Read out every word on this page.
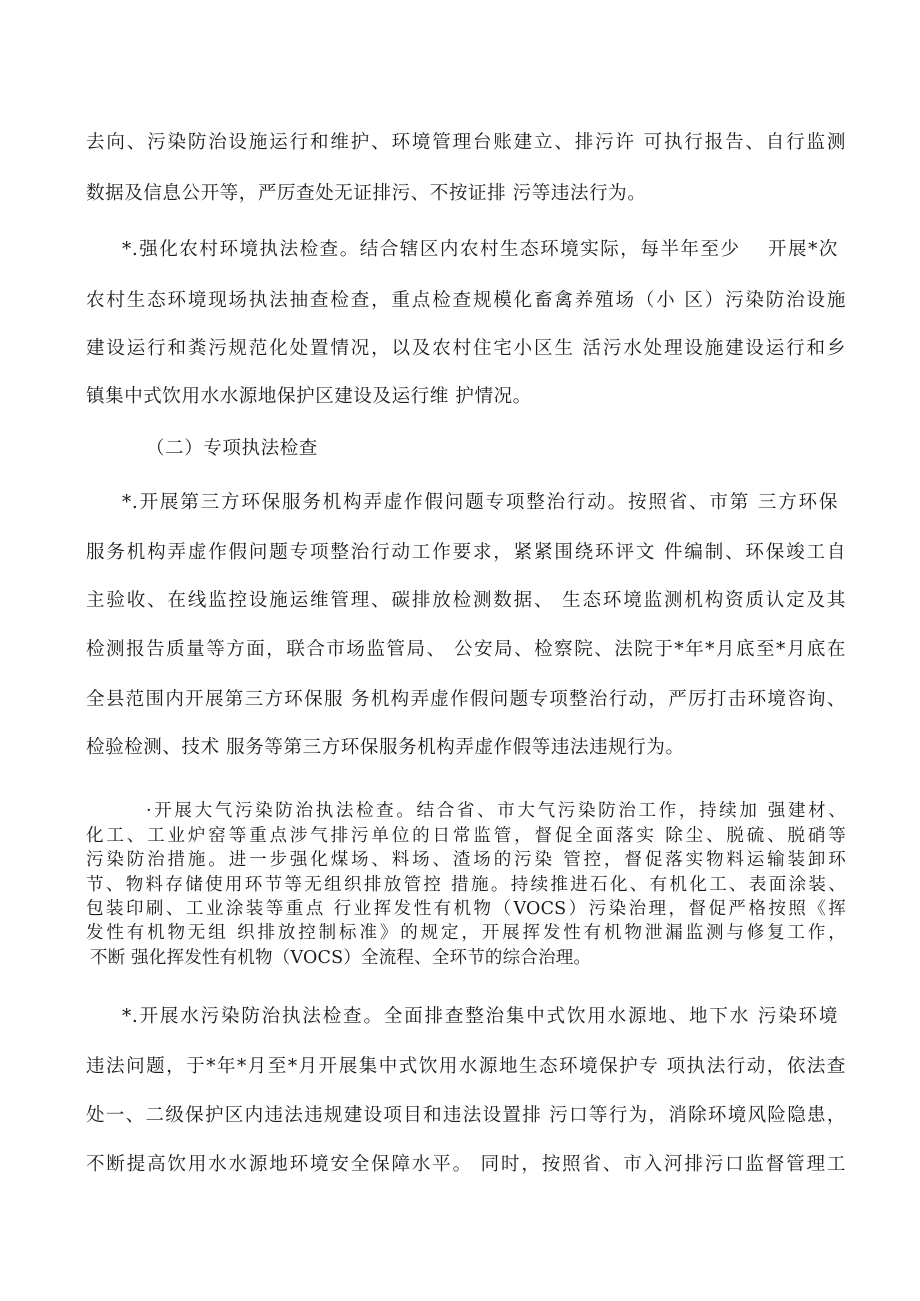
去向、污染防治设施运行和维护、环境管理台账建立、排污许 可执行报告、自行监测
数据及信息公开等，严厉查处无证排污、不按证排 污等违法行为。
*.强化农村环境执法检查。结合辖区内农村生态环境实际，每半年至少　 开展*次
农村生态环境现场执法抽查检查，重点检查规模化畜禽养殖场（小 区）污染防治设施
建设运行和粪污规范化处置情况，以及农村住宅小区生 活污水处理设施建设运行和乡
镇集中式饮用水水源地保护区建设及运行维 护情况。
（二）专项执法检查
*.开展第三方环保服务机构弄虚作假问题专项整治行动。按照省、市第 三方环保
服务机构弄虚作假问题专项整治行动工作要求，紧紧围绕环评文 件编制、环保竣工自
主验收、在线监控设施运维管理、碳排放检测数据、 生态环境监测机构资质认定及其
检测报告质量等方面，联合市场监管局、 公安局、检察院、法院于*年*月底至*月底在
全县范围内开展第三方环保服 务机构弄虚作假问题专项整治行动，严厉打击环境咨询、
检验检测、技术 服务等第三方环保服务机构弄虚作假等违法违规行为。
·开展大气污染防治执法检查。结合省、市大气污染防治工作，持续加 强建材、
化工、工业炉窑等重点涉气排污单位的日常监管，督促全面落实 除尘、脱硫、脱硝等
污染防治措施。进一步强化煤场、料场、渣场的污染 管控，督促落实物料运输装卸环
节、物料存储使用环节等无组织排放管控 措施。持续推进石化、有机化工、表面涂装、
包装印刷、工业涂装等重点 行业挥发性有机物（VOCS）污染治理，督促严格按照《挥
发性有机物无组 织排放控制标准》的规定，开展挥发性有机物泄漏监测与修复工作，
不断 强化挥发性有机物（VOCS）全流程、全环节的综合治理。
*.开展水污染防治执法检查。全面排查整治集中式饮用水源地、地下水 污染环境
违法问题，于*年*月至*月开展集中式饮用水源地生态环境保护专 项执法行动，依法查
处一、二级保护区内违法违规建设项目和违法设置排 污口等行为，消除环境风险隐患，
不断提高饮用水水源地环境安全保障水平。 同时，按照省、市入河排污口监督管理工
